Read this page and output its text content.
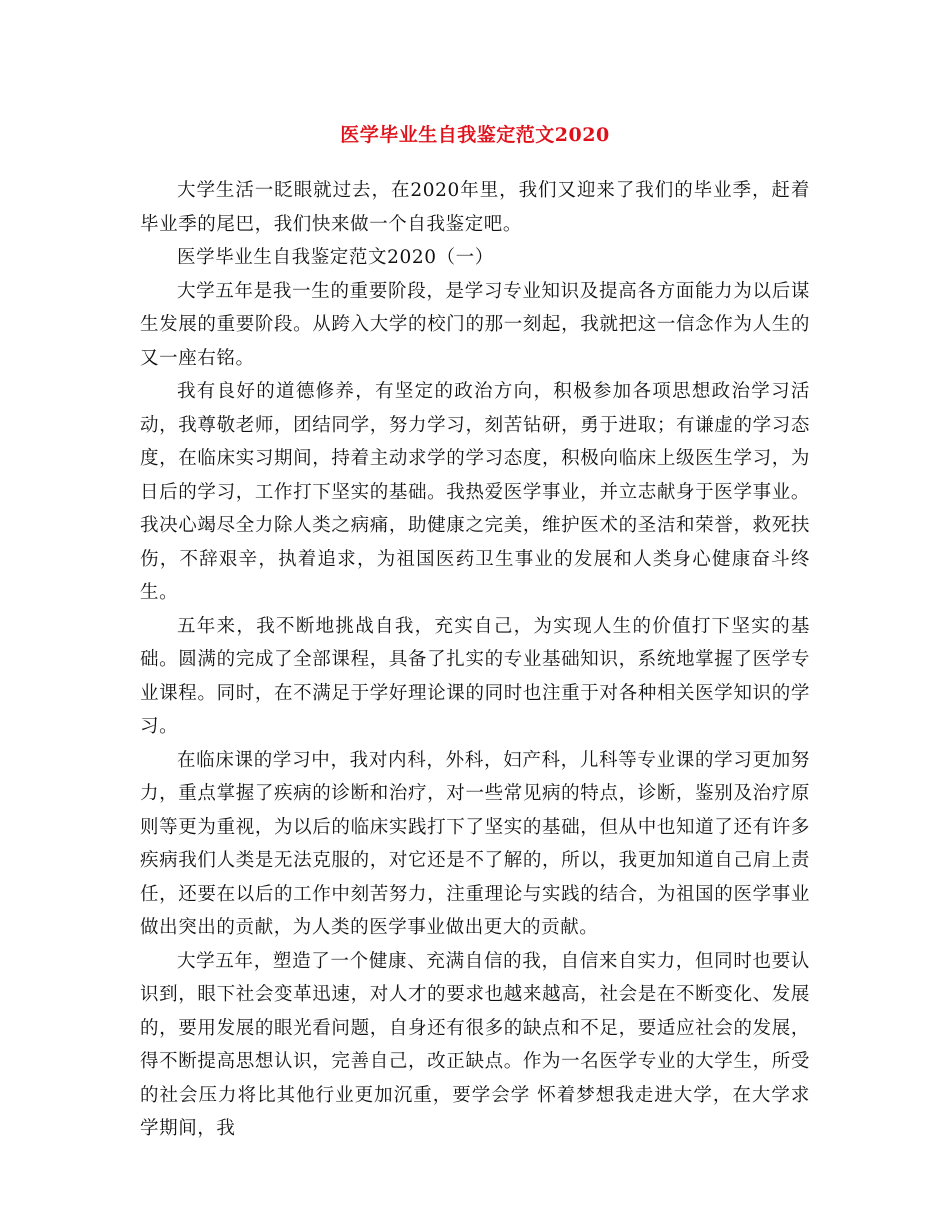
医学毕业生自我鉴定范文2020

大学生活一眨眼就过去，在2020年里，我们又迎来了我们的毕业季，赶着毕业季的尾巴，我们快来做一个自我鉴定吧。

医学毕业生自我鉴定范文2020（一）

大学五年是我一生的重要阶段，是学习专业知识及提高各方面能力为以后谋生发展的重要阶段。从跨入大学的校门的那一刻起，我就把这一信念作为人生的又一座右铭。

我有良好的道德修养，有坚定的政治方向，积极参加各项思想政治学习活动，我尊敬老师，团结同学，努力学习，刻苦钻研，勇于进取；有谦虚的学习态度，在临床实习期间，持着主动求学的学习态度，积极向临床上级医生学习，为日后的学习，工作打下坚实的基础。我热爱医学事业，并立志献身于医学事业。我决心竭尽全力除人类之病痛，助健康之完美，维护医术的圣洁和荣誉，救死扶伤，不辞艰辛，执着追求，为祖国医药卫生事业的发展和人类身心健康奋斗终生。

五年来，我不断地挑战自我，充实自己，为实现人生的价值打下坚实的基础。圆满的完成了全部课程，具备了扎实的专业基础知识，系统地掌握了医学专业课程。同时，在不满足于学好理论课的同时也注重于对各种相关医学知识的学习。

在临床课的学习中，我对内科，外科，妇产科，儿科等专业课的学习更加努力，重点掌握了疾病的诊断和治疗，对一些常见病的特点，诊断，鉴别及治疗原则等更为重视，为以后的临床实践打下了坚实的基础，但从中也知道了还有许多疾病我们人类是无法克服的，对它还是不了解的，所以，我更加知道自己肩上责任，还要在以后的工作中刻苦努力，注重理论与实践的结合，为祖国的医学事业做出突出的贡献，为人类的医学事业做出更大的贡献。

大学五年，塑造了一个健康、充满自信的我，自信来自实力，但同时也要认识到，眼下社会变革迅速，对人才的要求也越来越高，社会是在不断变化、发展的，要用发展的眼光看问题，自身还有很多的缺点和不足，要适应社会的发展，得不断提高思想认识，完善自己，改正缺点。作为一名医学专业的大学生，所受的社会压力将比其他行业更加沉重，要学会学 怀着梦想我走进大学，在大学求学期间，我
